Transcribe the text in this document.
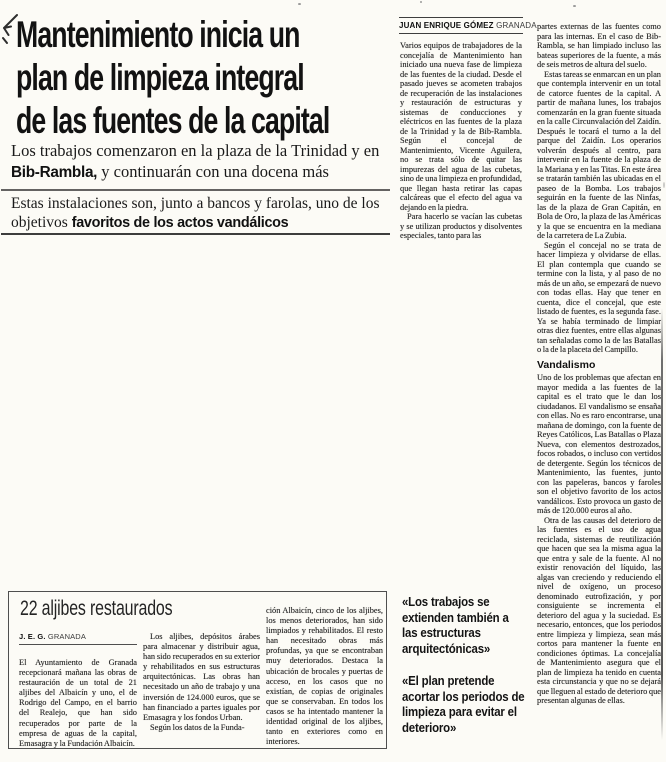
Mantenimiento inicia un
plan de limpieza integral
de las fuentes de la capital

Los trabajos comenzaron en la plaza de la Trinidad y en Bib-Rambla, y continuarán con una docena más

Estas instalaciones son, junto a bancos y farolas, uno de los objetivos favoritos de los actos vandálicos

JUAN ENRIQUE GÓMEZ GRANADA

Varios equipos de trabajadores de la concejalía de Mantenimiento han iniciado una nueva fase de limpieza de las fuentes de la ciudad. Desde el pasado jueves se acometen trabajos de recuperación de las instalaciones y restauración de estructuras y sistemas de conducciones y eléctricos en las fuentes de la plaza de la Trinidad y la de Bib-Rambla. Según el concejal de Mantenimiento, Vicente Aguilera, no se trata sólo de quitar las impurezas del agua de las cubetas, sino de una limpieza en profundidad, que llegan hasta retirar las capas calcáreas que el efecto del agua va dejando en la piedra.

Para hacerlo se vacían las cubetas y se utilizan productos y disolventes especiales, tanto para las

partes externas de las fuentes como para las internas. En el caso de Bib-Rambla, se han limpiado incluso las bateas superiores de la fuente, a más de seis metros de altura del suelo.

Estas tareas se enmarcan en un plan que contempla intervenir en un total de catorce fuentes de la capital. A partir de mañana lunes, los trabajos comenzarán en la gran fuente situada en la calle Circunvalación del Zaidín. Después le tocará el turno a la del parque del Zaidín. Los operarios volverán después al centro, para intervenir en la fuente de la plaza de la Mariana y en las Titas. En este área se tratarán también las ubicadas en el paseo de la Bomba. Los trabajos seguirán en la fuente de las Ninfas, las de la plaza de Gran Capitán, en Bola de Oro, la plaza de las Américas y la que se encuentra en la mediana de la carretera de La Zubia.

Según el concejal no se trata de hacer limpieza y olvidarse de ellas. El plan contempla que cuando se termine con la lista, y al paso de no más de un año, se empezará de nuevo con todas ellas. Hay que tener en cuenta, dice el concejal, que este listado de fuentes, es la segunda fase. Ya se había terminado de limpiar otras diez fuentes, entre ellas algunas tan señaladas como la de las Batallas o la de la placeta del Campillo.

Vandalismo

Uno de los problemas que afectan en mayor medida a las fuentes de la capital es el trato que le dan los ciudadanos. El vandalismo se ensaña con ellas. No es raro encontrarse, una mañana de domingo, con la fuente de Reyes Católicos, Las Batallas o Plaza Nueva, con elementos destrozados, focos robados, o incluso con vertidos de detergente. Según los técnicos de Mantenimiento, las fuentes, junto con las papeleras, bancos y faroles son el objetivo favorito de los actos vandálicos. Esto provoca un gasto de más de 120.000 euros al año.

Otra de las causas del deterioro de las fuentes es el uso de agua reciclada, sistemas de reutilización que hacen que sea la misma agua la que entra y sale de la fuente. Al no existir renovación del líquido, las algas van creciendo y reduciendo el nivel de oxígeno, un proceso denominado eutrofización, y por consiguiente se incrementa el deterioro del agua y la suciedad. Es necesario, entonces, que los periodos entre limpieza y limpieza, sean más cortos para mantener la fuente en condiciones óptimas. La concejalía de Mantenimiento asegura que el plan de limpieza ha tenido en cuenta esta circunstancia y que no se dejará que lleguen al estado de deterioro que presentan algunas de ellas.

«Los trabajos se extienden también a las estructuras arquitectónicas»

«El plan pretende acortar los periodos de limpieza para evitar el deterioro»

22 aljibes restaurados
J. E. G. GRANADA

El Ayuntamiento de Granada recepcionará mañana las obras de restauración de un total de 21 aljibes del Albaicín y uno, el de Rodrigo del Campo, en el barrio del Realejo, que han sido recuperados por parte de la empresa de aguas de la capital, Emasagra y la Fundación Albaicín.

Los aljibes, depósitos árabes para almacenar y distribuir agua, han sido recuperados en su exterior y rehabilitados en sus estructuras arquitectónicas. Las obras han necesitado un año de trabajo y una inversión de 124.000 euros, que se han financiado a partes iguales por Emasagra y los fondos Urban.

Según los datos de la Funda-

ción Albaicín, cinco de los aljibes, los menos deteriorados, han sido limpiados y rehabilitados. El resto han necesitado obras más profundas, ya que se encontraban muy deteriorados. Destaca la ubicación de brocales y puertas de acceso, en los casos que no existían, de copias de originales que se conservaban. En todos los casos se ha intentado mantener la identidad original de los aljibes, tanto en exteriores como en interiores.
